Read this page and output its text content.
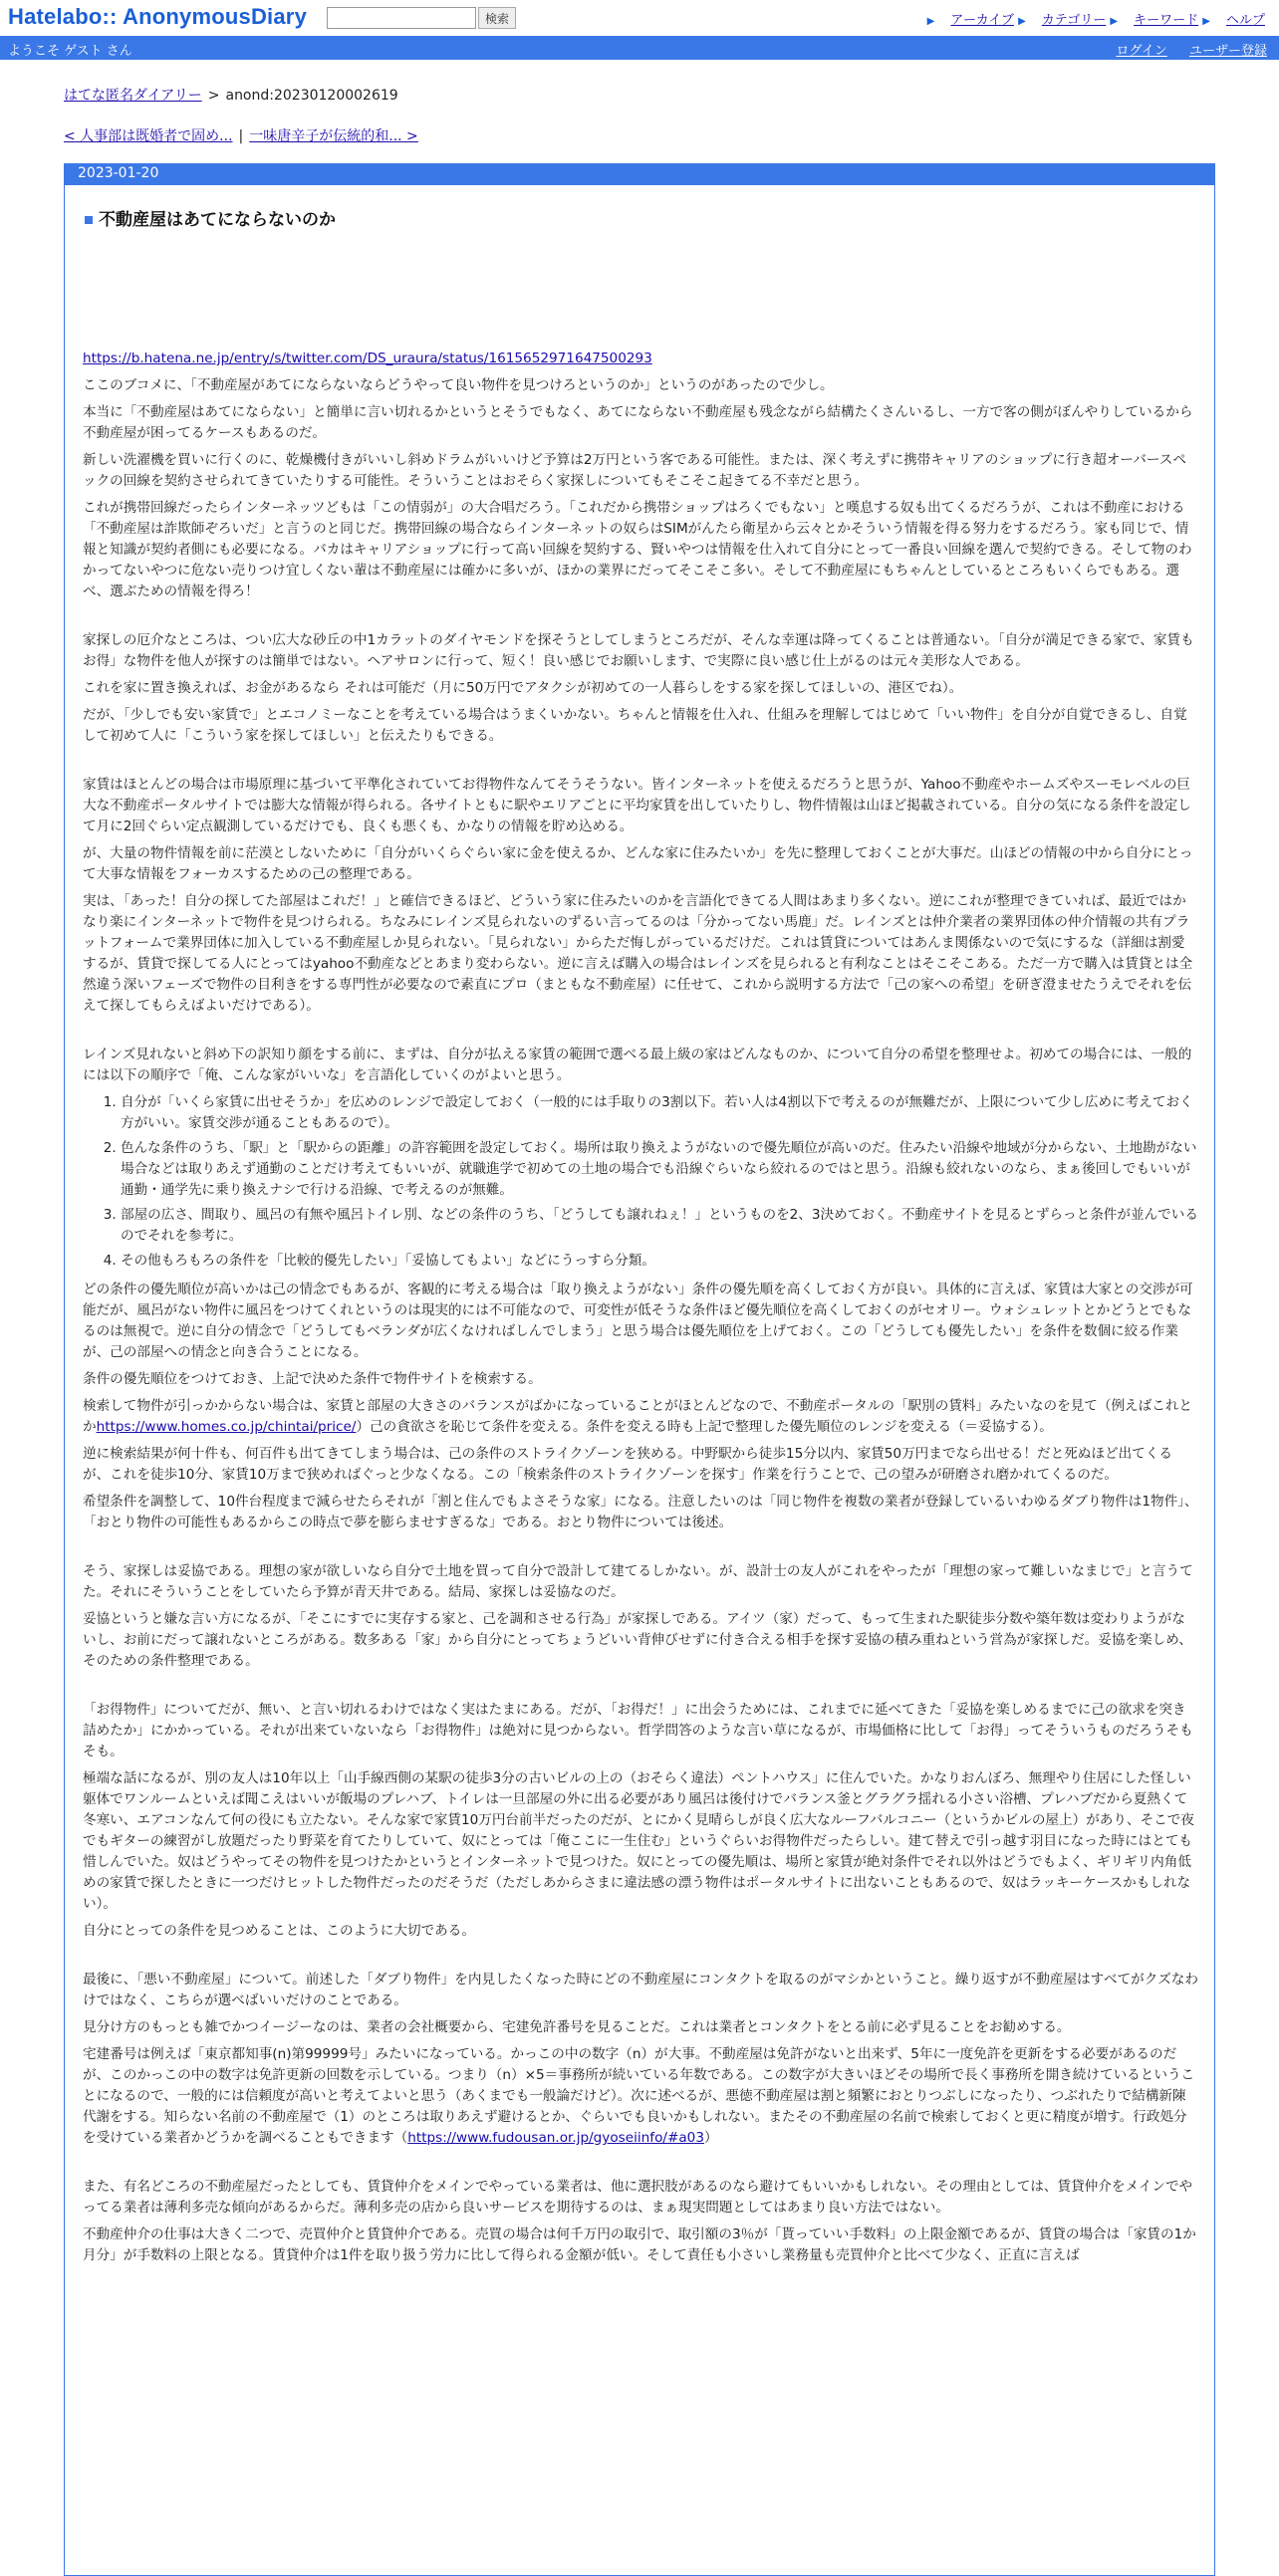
Hatelabo:: AnonymousDiary	検索	▶ アーカイブ ▶ カテゴリー ▶ キーワード ▶ ヘルプ
ようこそ ゲスト さん	ログイン ユーザー登録
はてな匿名ダイアリー > anond:20230120002619
< 人事部は既婚者で固め... | 一味唐辛子が伝統的和... >
2023-01-20
不動産屋はあてにならないのか

https://b.hatena.ne.jp/entry/s/twitter.com/DS_uraura/status/1615652971647500293

ここのブコメに、「不動産屋があてにならないならどうやって良い物件を見つけろというのか」というのがあったので少し。

本当に「不動産屋はあてにならない」と簡単に言い切れるかというとそうでもなく、あてにならない不動産屋も残念ながら結構たくさんいるし、一方で客の側がぼんやりしているから不動産屋が困ってるケースもあるのだ。

新しい洗濯機を買いに行くのに、乾燥機付きがいいし斜めドラムがいいけど予算は2万円という客である可能性。または、深く考えずに携帯キャリアのショップに行き超オーバースペックの回線を契約させられてきていたりする可能性。そういうことはおそらく家探しについてもそこそこ起きてる不幸だと思う。

これが携帯回線だったらインターネッツどもは「この情弱が」の大合唱だろう。「これだから携帯ショップはろくでもない」と嘆息する奴も出てくるだろうが、これは不動産における「不動産屋は詐欺師ぞろいだ」と言うのと同じだ。携帯回線の場合ならインターネットの奴らはSIMがんたら衛星から云々とかそういう情報を得る努力をするだろう。家も同じで、情報と知識が契約者側にも必要になる。バカはキャリアショップに行って高い回線を契約する、賢いやつは情報を仕入れて自分にとって一番良い回線を選んで契約できる。そして物のわかってないやつに危ない売りつけ宜しくない輩は不動産屋には確かに多いが、ほかの業界にだってそこそこ多い。そして不動産屋にもちゃんとしているところもいくらでもある。選べ、選ぶための情報を得ろ！

家探しの厄介なところは、つい広大な砂丘の中1カラットのダイヤモンドを探そうとしてしまうところだが、そんな幸運は降ってくることは普通ない。「自分が満足できる家で、家賃もお得」な物件を他人が探すのは簡単ではない。ヘアサロンに行って、短く！良い感じでお願いします、で実際に良い感じ仕上がるのは元々美形な人である。

これを家に置き換えれば、お金があるなら それは可能だ（月に50万円でアタクシが初めての一人暮らしをする家を探してほしいの、港区でね）。

だが、「少しでも安い家賃で」とエコノミーなことを考えている場合はうまくいかない。ちゃんと情報を仕入れ、仕組みを理解してはじめて「いい物件」を自分が自覚できるし、自覚して初めて人に「こういう家を探してほしい」と伝えたりもできる。

家賃はほとんどの場合は市場原理に基づいて平準化されていてお得物件なんてそうそうない。皆インターネットを使えるだろうと思うが、Yahoo不動産やホームズやスーモレベルの巨大な不動産ポータルサイトでは膨大な情報が得られる。各サイトともに駅やエリアごとに平均家賃を出していたりし、物件情報は山ほど掲載されている。自分の気になる条件を設定して月に2回ぐらい定点観測しているだけでも、良くも悪くも、かなりの情報を貯め込める。

が、大量の物件情報を前に茫漠としないために「自分がいくらぐらい家に金を使えるか、どんな家に住みたいか」を先に整理しておくことが大事だ。山ほどの情報の中から自分にとって大事な情報をフォーカスするための己の整理である。

実は、「あった！自分の探してた部屋はこれだ！」と確信できるほど、どういう家に住みたいのかを言語化できてる人間はあまり多くない。逆にこれが整理できていれば、最近ではかなり楽にインターネットで物件を見つけられる。ちなみにレインズ見られないのずるい言ってるのは「分かってない馬鹿」だ。レインズとは仲介業者の業界団体の仲介情報の共有プラットフォームで業界団体に加入している不動産屋しか見られない。「見られない」からただ悔しがっているだけだ。これは賃貸についてはあんま関係ないので気にするな（詳細は割愛するが、賃貸で探してる人にとってはyahoo不動産などとあまり変わらない。逆に言えば購入の場合はレインズを見られると有利なことはそこそこある。ただ一方で購入は賃貸とは全然違う深いフェーズで物件の目利きをする専門性が必要なので素直にプロ（まともな不動産屋）に任せて、これから説明する方法で「己の家への希望」を研ぎ澄ませたうえでそれを伝えて探してもらえばよいだけである）。

レインズ見れないと斜め下の訳知り顔をする前に、まずは、自分が払える家賃の範囲で選べる最上級の家はどんなものか、について自分の希望を整理せよ。初めての場合には、一般的には以下の順序で「俺、こんな家がいいな」を言語化していくのがよいと思う。

1. 自分が「いくら家賃に出せそうか」を広めのレンジで設定しておく（一般的には手取りの3割以下。若い人は4割以下で考えるのが無難だが、上限について少し広めに考えておく方がいい。家賃交渉が通ることもあるので）。
2. 色んな条件のうち、「駅」と「駅からの距離」の許容範囲を設定しておく。場所は取り換えようがないので優先順位が高いのだ。住みたい沿線や地域が分からない、土地勘がない場合などは取りあえず通勤のことだけ考えてもいいが、就職進学で初めての土地の場合でも沿線ぐらいなら絞れるのではと思う。沿線も絞れないのなら、まぁ後回しでもいいが通勤・通学先に乗り換えナシで行ける沿線、で考えるのが無難。
3. 部屋の広さ、間取り、風呂の有無や風呂トイレ別、などの条件のうち、「どうしても譲れねぇ！」というものを2、3決めておく。不動産サイトを見るとずらっと条件が並んでいるのでそれを参考に。
4. その他もろもろの条件を「比較的優先したい」「妥協してもよい」などにうっすら分類。

どの条件の優先順位が高いかは己の情念でもあるが、客観的に考える場合は「取り換えようがない」条件の優先順を高くしておく方が良い。具体的に言えば、家賃は大家との交渉が可能だが、風呂がない物件に風呂をつけてくれというのは現実的には不可能なので、可変性が低そうな条件ほど優先順位を高くしておくのがセオリー。ウォシュレットとかどうとでもなるのは無視で。逆に自分の情念で「どうしてもベランダが広くなければしんでしまう」と思う場合は優先順位を上げておく。この「どうしても優先したい」を条件を数個に絞る作業が、己の部屋への情念と向き合うことになる。

条件の優先順位をつけておき、上記で決めた条件で物件サイトを検索する。

検索して物件が引っかからない場合は、家賃と部屋の大きさのバランスがばかになっていることがほとんどなので、不動産ポータルの「駅別の賃料」みたいなのを見て（例えばこれとかhttps://www.homes.co.jp/chintai/price/）己の貪欲さを恥じて条件を変える。条件を変える時も上記で整理した優先順位のレンジを変える（＝妥協する）。

逆に検索結果が何十件も、何百件も出てきてしまう場合は、己の条件のストライクゾーンを狭める。中野駅から徒歩15分以内、家賃50万円までなら出せる！だと死ぬほど出てくるが、これを徒歩10分、家賃10万まで狭めればぐっと少なくなる。この「検索条件のストライクゾーンを探す」作業を行うことで、己の望みが研磨され磨かれてくるのだ。

希望条件を調整して、10件台程度まで減らせたらそれが「割と住んでもよさそうな家」になる。注意したいのは「同じ物件を複数の業者が登録しているいわゆるダブり物件は1物件」、「おとり物件の可能性もあるからこの時点で夢を膨らませすぎるな」である。おとり物件については後述。

そう、家探しは妥協である。理想の家が欲しいなら自分で土地を買って自分で設計して建てるしかない。が、設計士の友人がこれをやったが「理想の家って難しいなまじで」と言うてた。それにそういうことをしていたら予算が青天井である。結局、家探しは妥協なのだ。

妥協というと嫌な言い方になるが、「そこにすでに実存する家と、己を調和させる行為」が家探しである。アイツ（家）だって、もって生まれた駅徒歩分数や築年数は変わりようがないし、お前にだって譲れないところがある。数多ある「家」から自分にとってちょうどいい背伸びせずに付き合える相手を探す妥協の積み重ねという営為が家探しだ。妥協を楽しめ、そのための条件整理である。

「お得物件」についてだが、無い、と言い切れるわけではなく実はたまにある。だが、「お得だ！」に出会うためには、これまでに延べてきた「妥協を楽しめるまでに己の欲求を突き詰めたか」にかかっている。それが出来ていないなら「お得物件」は絶対に見つからない。哲学問答のような言い草になるが、市場価格に比して「お得」ってそういうものだろうそもそも。

極端な話になるが、別の友人は10年以上「山手線西側の某駅の徒歩3分の古いビルの上の（おそらく違法）ペントハウス」に住んでいた。かなりおんぼろ、無理やり住居にした怪しい躯体でワンルームといえば聞こえはいいが飯場のプレハブ、トイレは一旦部屋の外に出る必要があり風呂は後付けでバランス釜とグラグラ揺れる小さい浴槽、プレハブだから夏熱くて冬寒い、エアコンなんて何の役にも立たない。そんな家で家賃10万円台前半だったのだが、とにかく見晴らしが良く広大なルーフバルコニー（というかビルの屋上）があり、そこで夜でもギターの練習がし放題だったり野菜を育てたりしていて、奴にとっては「俺ここに一生住む」というぐらいお得物件だったらしい。建て替えで引っ越す羽目になった時にはとても惜しんでいた。奴はどうやってその物件を見つけたかというとインターネットで見つけた。奴にとっての優先順は、場所と家賃が絶対条件でそれ以外はどうでもよく、ギリギリ内角低めの家賃で探したときに一つだけヒットした物件だったのだそうだ（ただしあからさまに違法感の漂う物件はポータルサイトに出ないこともあるので、奴はラッキーケースかもしれない）。

自分にとっての条件を見つめることは、このように大切である。

最後に、「悪い不動産屋」について。前述した「ダブり物件」を内見したくなった時にどの不動産屋にコンタクトを取るのがマシかということ。繰り返すが不動産屋はすべてがクズなわけではなく、こちらが選べばいいだけのことである。

見分け方のもっとも雑でかつイージーなのは、業者の会社概要から、宅建免許番号を見ることだ。これは業者とコンタクトをとる前に必ず見ることをお勧めする。

宅建番号は例えば「東京都知事(n)第99999号」みたいになっている。かっこの中の数字（n）が大事。不動産屋は免許がないと出来ず、5年に一度免許を更新をする必要があるのだが、このかっこの中の数字は免許更新の回数を示している。つまり（n）×5＝事務所が続いている年数である。この数字が大きいほどその場所で長く事務所を開き続けているということになるので、一般的には信頼度が高いと考えてよいと思う（あくまでも一般論だけど）。次に述べるが、悪徳不動産屋は割と頻繁におとりつぶしになったり、つぶれたりで結構新陳代謝をする。知らない名前の不動産屋で（1）のところは取りあえず避けるとか、ぐらいでも良いかもしれない。またその不動産屋の名前で検索しておくと更に精度が増す。行政処分を受けている業者かどうかを調べることもできます（https://www.fudousan.or.jp/gyoseiinfo/#a03）

また、有名どころの不動産屋だったとしても、賃貸仲介をメインでやっている業者は、他に選択肢があるのなら避けてもいいかもしれない。その理由としては、賃貸仲介をメインでやってる業者は薄利多売な傾向があるからだ。薄利多売の店から良いサービスを期待するのは、まぁ現実問題としてはあまり良い方法ではない。

不動産仲介の仕事は大きく二つで、売買仲介と賃貸仲介である。売買の場合は何千万円の取引で、取引額の3％が「貰っていい手数料」の上限金額であるが、賃貸の場合は「家賃の1か月分」が手数料の上限となる。賃貸仲介は1件を取り扱う労力に比して得られる金額が低い。そして責任も小さいし業務量も売買仲介と比べて少なく、正直に言えば
